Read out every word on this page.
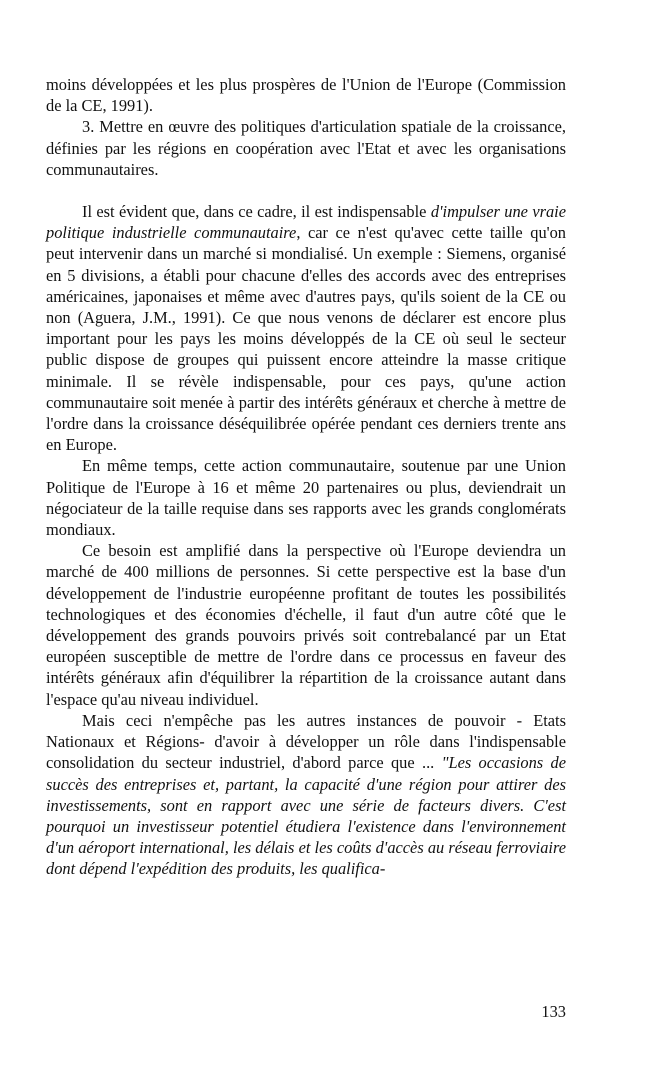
moins développées et les plus prospères de l'Union de l'Europe (Commission de la CE, 1991).

3. Mettre en œuvre des politiques d'articulation spatiale de la croissance, définies par les régions en coopération avec l'Etat et avec les organisations communautaires.

Il est évident que, dans ce cadre, il est indispensable d'impulser une vraie politique industrielle communautaire, car ce n'est qu'avec cette taille qu'on peut intervenir dans un marché si mondialisé. Un exemple : Siemens, organisé en 5 divisions, a établi pour chacune d'elles des accords avec des entreprises américaines, japonaises et même avec d'autres pays, qu'ils soient de la CE ou non (Aguera, J.M., 1991). Ce que nous venons de déclarer est encore plus important pour les pays les moins développés de la CE où seul le secteur public dispose de groupes qui puissent encore atteindre la masse critique minimale. Il se révèle indispensable, pour ces pays, qu'une action communautaire soit menée à partir des intérêts généraux et cherche à mettre de l'ordre dans la croissance déséquilibrée opérée pendant ces derniers trente ans en Europe.

En même temps, cette action communautaire, soutenue par une Union Politique de l'Europe à 16 et même 20 partenaires ou plus, deviendrait un négociateur de la taille requise dans ses rapports avec les grands conglomérats mondiaux.

Ce besoin est amplifié dans la perspective où l'Europe deviendra un marché de 400 millions de personnes. Si cette perspective est la base d'un développement de l'industrie européenne profitant de toutes les possibilités technologiques et des économies d'échelle, il faut d'un autre côté que le développement des grands pouvoirs privés soit contrebalancé par un Etat européen susceptible de mettre de l'ordre dans ce processus en faveur des intérêts généraux afin d'équilibrer la répartition de la croissance autant dans l'espace qu'au niveau individuel.

Mais ceci n'empêche pas les autres instances de pouvoir - Etats Nationaux et Régions- d'avoir à développer un rôle dans l'indispensable consolidation du secteur industriel, d'abord parce que ... "Les occasions de succès des entreprises et, partant, la capacité d'une région pour attirer des investissements, sont en rapport avec une série de facteurs divers. C'est pourquoi un investisseur potentiel étudiera l'existence dans l'environnement d'un aéroport international, les délais et les coûts d'accès au réseau ferroviaire dont dépend l'expédition des produits, les qualifica-

133
